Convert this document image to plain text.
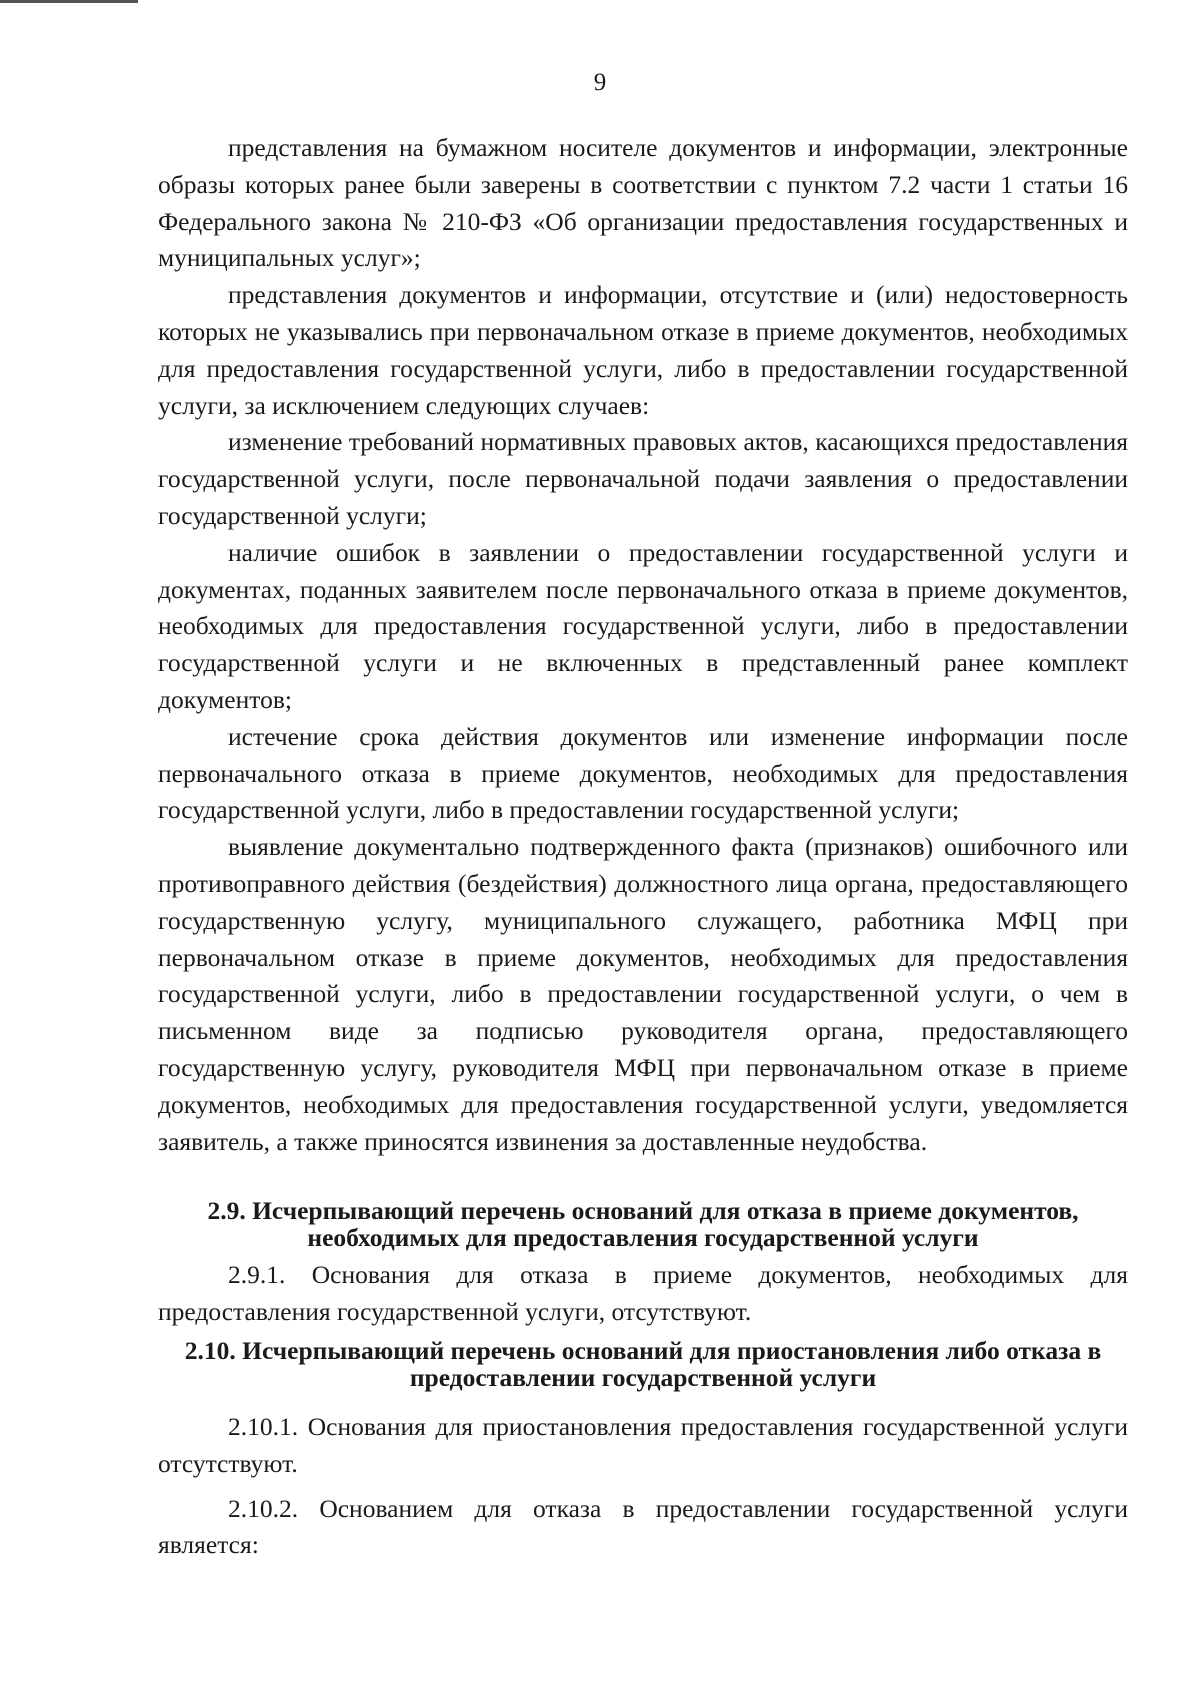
9

представления на бумажном носителе документов и информации, электронные образы которых ранее были заверены в соответствии с пунктом 7.2 части 1 статьи 16 Федерального закона № 210-ФЗ «Об организации предоставления государственных и муниципальных услуг»;

представления документов и информации, отсутствие и (или) недостоверность которых не указывались при первоначальном отказе в приеме документов, необходимых для предоставления государственной услуги, либо в предоставлении государственной услуги, за исключением следующих случаев:

изменение требований нормативных правовых актов, касающихся предоставления государственной услуги, после первоначальной подачи заявления о предоставлении государственной услуги;

наличие ошибок в заявлении о предоставлении государственной услуги и документах, поданных заявителем после первоначального отказа в приеме документов, необходимых для предоставления государственной услуги, либо в предоставлении государственной услуги и не включенных в представленный ранее комплект документов;

истечение срока действия документов или изменение информации после первоначального отказа в приеме документов, необходимых для предоставления государственной услуги, либо в предоставлении государственной услуги;

выявление документально подтвержденного факта (признаков) ошибочного или противоправного действия (бездействия) должностного лица органа, предоставляющего государственную услугу, муниципального служащего, работника МФЦ при первоначальном отказе в приеме документов, необходимых для предоставления государственной услуги, либо в предоставлении государственной услуги, о чем в письменном виде за подписью руководителя органа, предоставляющего государственную услугу, руководителя МФЦ при первоначальном отказе в приеме документов, необходимых для предоставления государственной услуги, уведомляется заявитель, а также приносятся извинения за доставленные неудобства.

2.9. Исчерпывающий перечень оснований для отказа в приеме документов, необходимых для предоставления государственной услуги

2.9.1. Основания для отказа в приеме документов, необходимых для предоставления государственной услуги, отсутствуют.

2.10. Исчерпывающий перечень оснований для приостановления либо отказа в предоставлении государственной услуги

2.10.1. Основания для приостановления предоставления государственной услуги отсутствуют.

2.10.2. Основанием для отказа в предоставлении государственной услуги является:
